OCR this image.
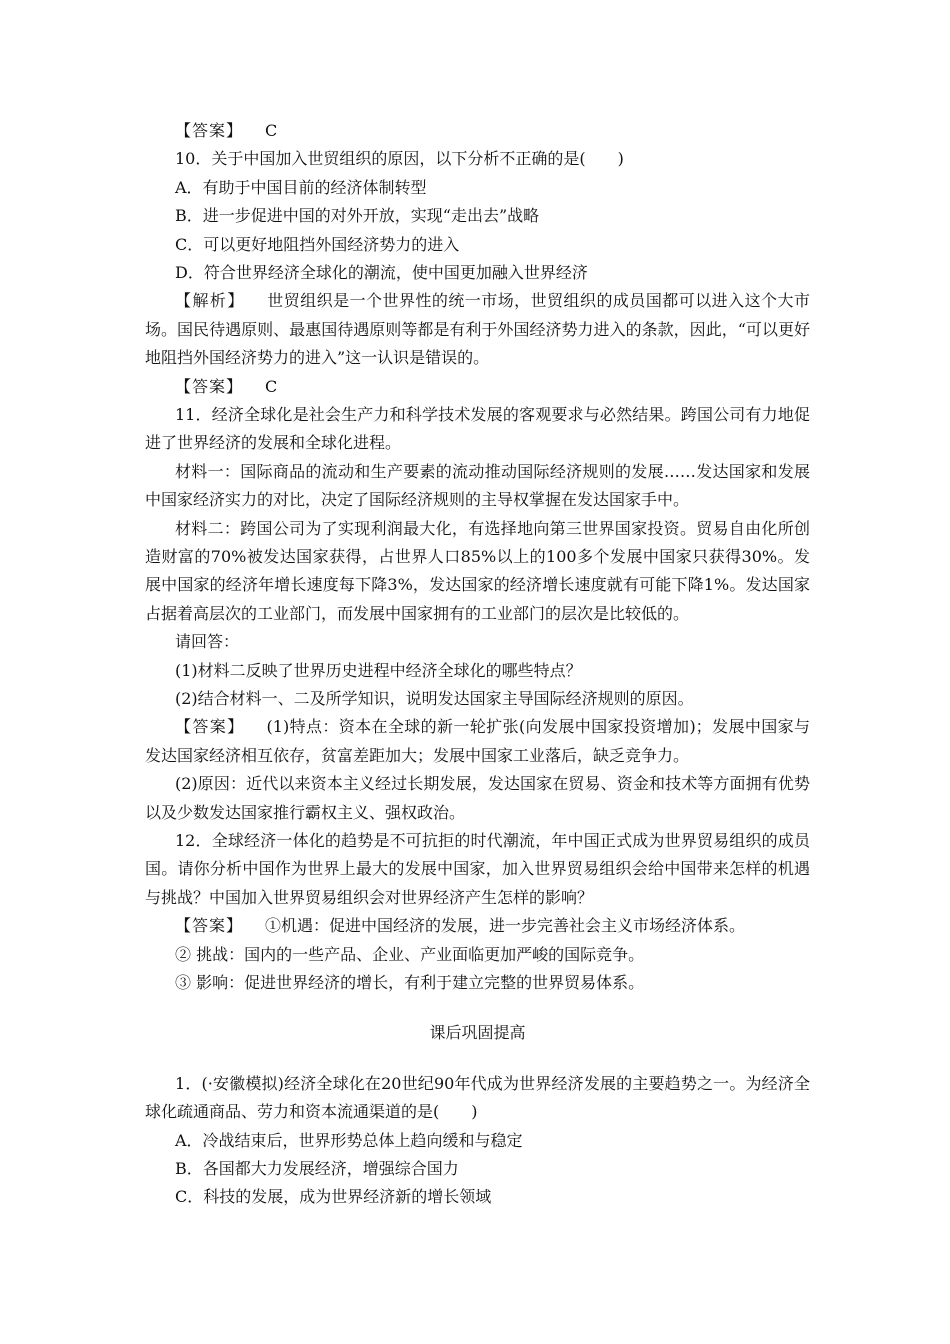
【答案】 C
10．关于中国加入世贸组织的原因，以下分析不正确的是(　　)
A．有助于中国目前的经济体制转型
B．进一步促进中国的对外开放，实现“走出去”战略
C．可以更好地阻挡外国经济势力的进入
D．符合世界经济全球化的潮流，使中国更加融入世界经济

【解析】 世贸组织是一个世界性的统一市场，世贸组织的成员国都可以进入这个大市场。国民待遇原则、最惠国待遇原则等都是有利于外国经济势力进入的条款，因此，“可以更好地阻挡外国经济势力的进入”这一认识是错误的。

【答案】 C

11．经济全球化是社会生产力和科学技术发展的客观要求与必然结果。跨国公司有力地促进了世界经济的发展和全球化进程。

材料一：国际商品的流动和生产要素的流动推动国际经济规则的发展……发达国家和发展中国家经济实力的对比，决定了国际经济规则的主导权掌握在发达国家手中。

材料二：跨国公司为了实现利润最大化，有选择地向第三世界国家投资。贸易自由化所创造财富的70%被发达国家获得，占世界人口85%以上的100多个发展中国家只获得30%。发展中国家的经济年增长速度每下降3%，发达国家的经济增长速度就有可能下降1%。发达国家占据着高层次的工业部门，而发展中国家拥有的工业部门的层次是比较低的。

请回答：
(1)材料二反映了世界历史进程中经济全球化的哪些特点？
(2)结合材料一、二及所学知识，说明发达国家主导国际经济规则的原因。

【答案】 (1)特点：资本在全球的新一轮扩张(向发展中国家投资增加)；发展中国家与发达国家经济相互依存，贫富差距加大；发展中国家工业落后，缺乏竞争力。

(2)原因：近代以来资本主义经过长期发展，发达国家在贸易、资金和技术等方面拥有优势以及少数发达国家推行霸权主义、强权政治。

12．全球经济一体化的趋势是不可抗拒的时代潮流，年中国正式成为世界贸易组织的成员国。请你分析中国作为世界上最大的发展中国家，加入世界贸易组织会给中国带来怎样的机遇与挑战？中国加入世界贸易组织会对世界经济产生怎样的影响？

【答案】 ①机遇：促进中国经济的发展，进一步完善社会主义市场经济体系。
② 挑战：国内的一些产品、企业、产业面临更加严峻的国际竞争。
③ 影响：促进世界经济的增长，有利于建立完整的世界贸易体系。
课后巩固提高

1．(·安徽模拟)经济全球化在20世纪90年代成为世界经济发展的主要趋势之一。为经济全球化疏通商品、劳力和资本流通渠道的是(　　)

A．冷战结束后，世界形势总体上趋向缓和与稳定
B．各国都大力发展经济，增强综合国力
C．科技的发展，成为世界经济新的增长领域
